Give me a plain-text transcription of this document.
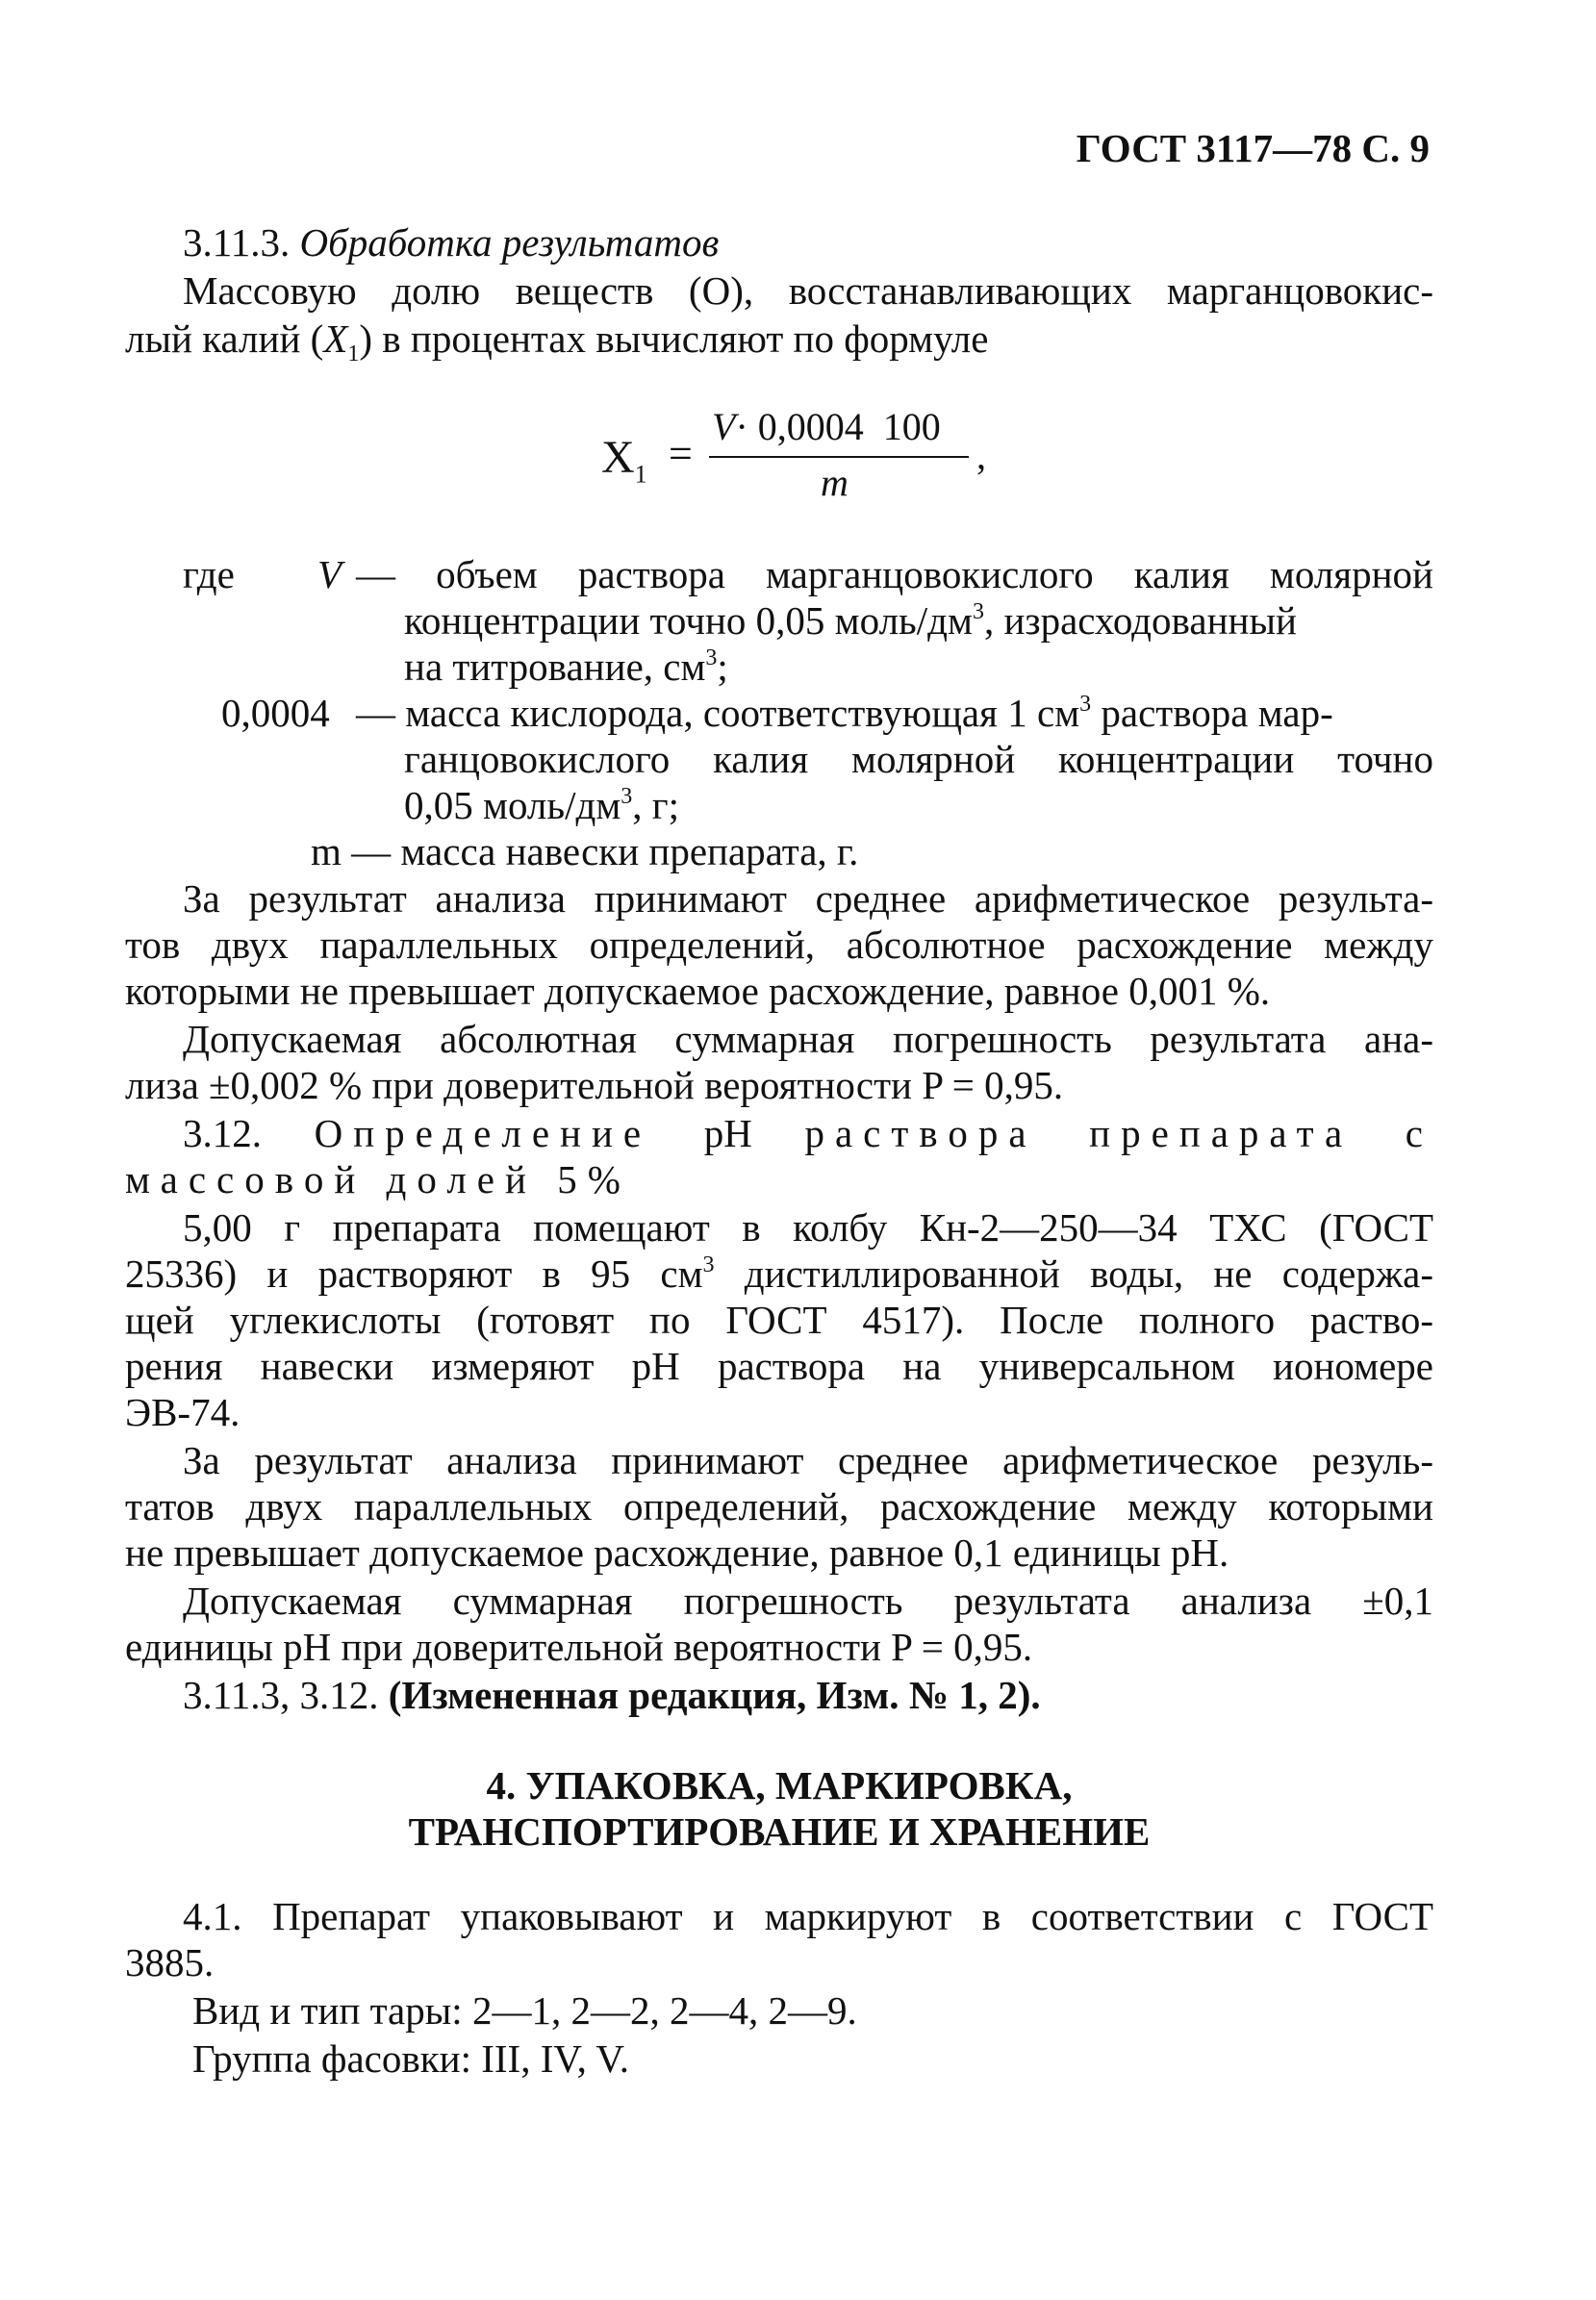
ГОСТ 3117—78 С. 9
3.11.3. Обработка результатов
Массовую долю веществ (О), восстанавливающих марганцовокис-
лый калий $(X_1)$ в процентах вычисляют по формуле
$X_1$ =
V· 0,0004  100
m
,
где V — объем раствора марганцовокислого калия молярной
концентрации точно 0,05 моль/$дм^3$, израсходованный
на титрование, $см^3$;
0,0004 — масса кислорода, соответствующая 1 $см^3$ раствора мар-
ганцовокислого калия молярной концентрации точно
0,05 моль/$дм^3$, г;
m — масса навески препарата, г.
За результат анализа принимают среднее арифметическое результа-
тов двух параллельных определений, абсолютное расхождение между
которыми не превышает допускаемое расхождение, равное 0,001 %.
Допускаемая абсолютная суммарная погрешность результата ана-
лиза ±0,002 % при доверительной вероятности P = 0,95.
3.12. Определение pH раствора препарата с
массовой долей 5%
5,00 г препарата помещают в колбу Кн-2—250—34 ТХС (ГОСТ
25336) и растворяют в 95 $см^3$ дистиллированной воды, не содержа-
щей углекислоты (готовят по ГОСТ 4517). После полного раство-
рения навески измеряют pH раствора на универсальном иономере
ЭВ-74.
За результат анализа принимают среднее арифметическое резуль-
татов двух параллельных определений, расхождение между которыми
не превышает допускаемое расхождение, равное 0,1 единицы pH.
Допускаемая суммарная погрешность результата анализа ±0,1
единицы pH при доверительной вероятности P = 0,95.
3.11.3, 3.12. (Измененная редакция, Изм. № 1, 2).
4. УПАКОВКА, МАРКИРОВКА,
ТРАНСПОРТИРОВАНИЕ И ХРАНЕНИЕ
4.1. Препарат упаковывают и маркируют в соответствии с ГОСТ
3885.
Вид и тип тары: 2—1, 2—2, 2—4, 2—9.
Группа фасовки: III, IV, V.
